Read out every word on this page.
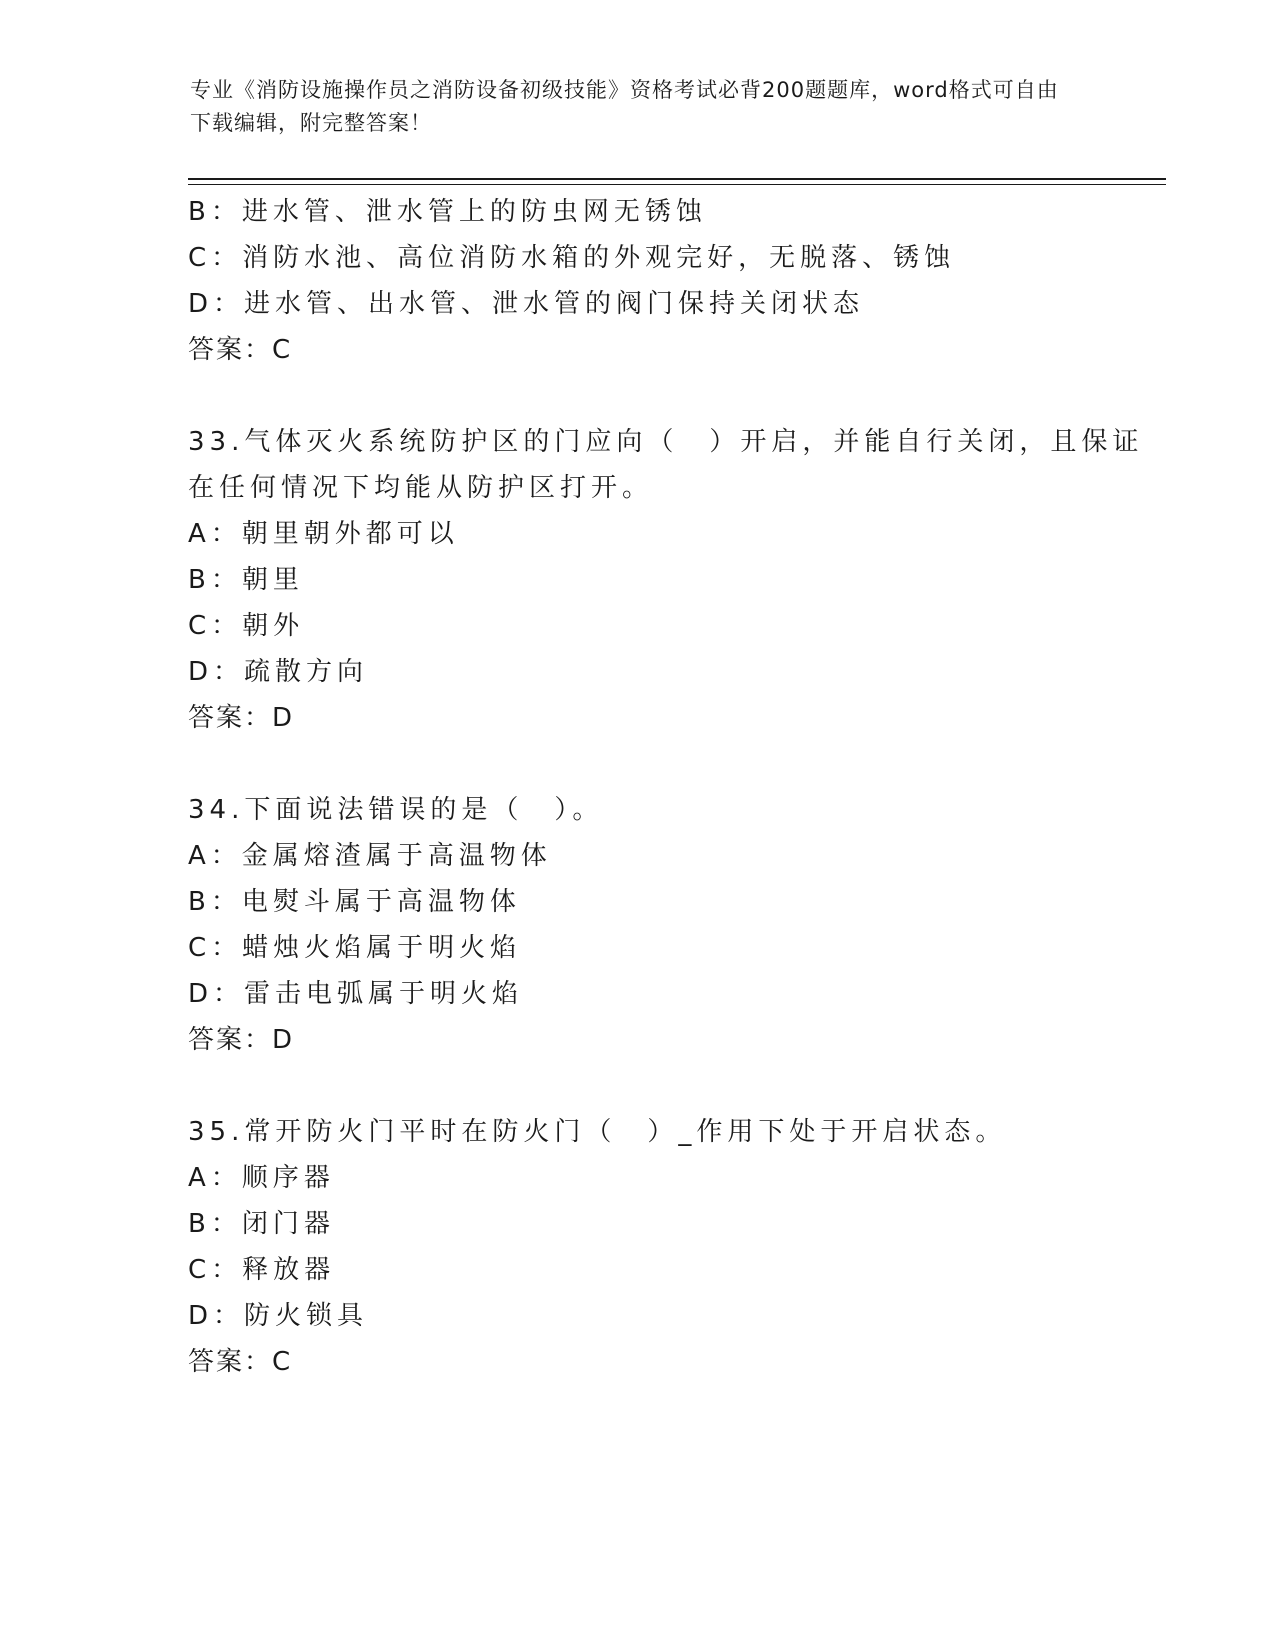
专业《消防设施操作员之消防设备初级技能》资格考试必背200题题库，word格式可自由下载编辑，附完整答案！
B：进水管、泄水管上的防虫网无锈蚀
C：消防水池、高位消防水箱的外观完好，无脱落、锈蚀
D：进水管、出水管、泄水管的阀门保持关闭状态
答案：C
33.气体灭火系统防护区的门应向（　）开启，并能自行关闭，且保证
在任何情况下均能从防护区打开。
A：朝里朝外都可以
B：朝里
C：朝外
D：疏散方向
答案：D
34.下面说法错误的是（　）。
A：金属熔渣属于高温物体
B：电熨斗属于高温物体
C：蜡烛火焰属于明火焰
D：雷击电弧属于明火焰
答案：D
35.常开防火门平时在防火门（　）_作用下处于开启状态。
A：顺序器
B：闭门器
C：释放器
D：防火锁具
答案：C
